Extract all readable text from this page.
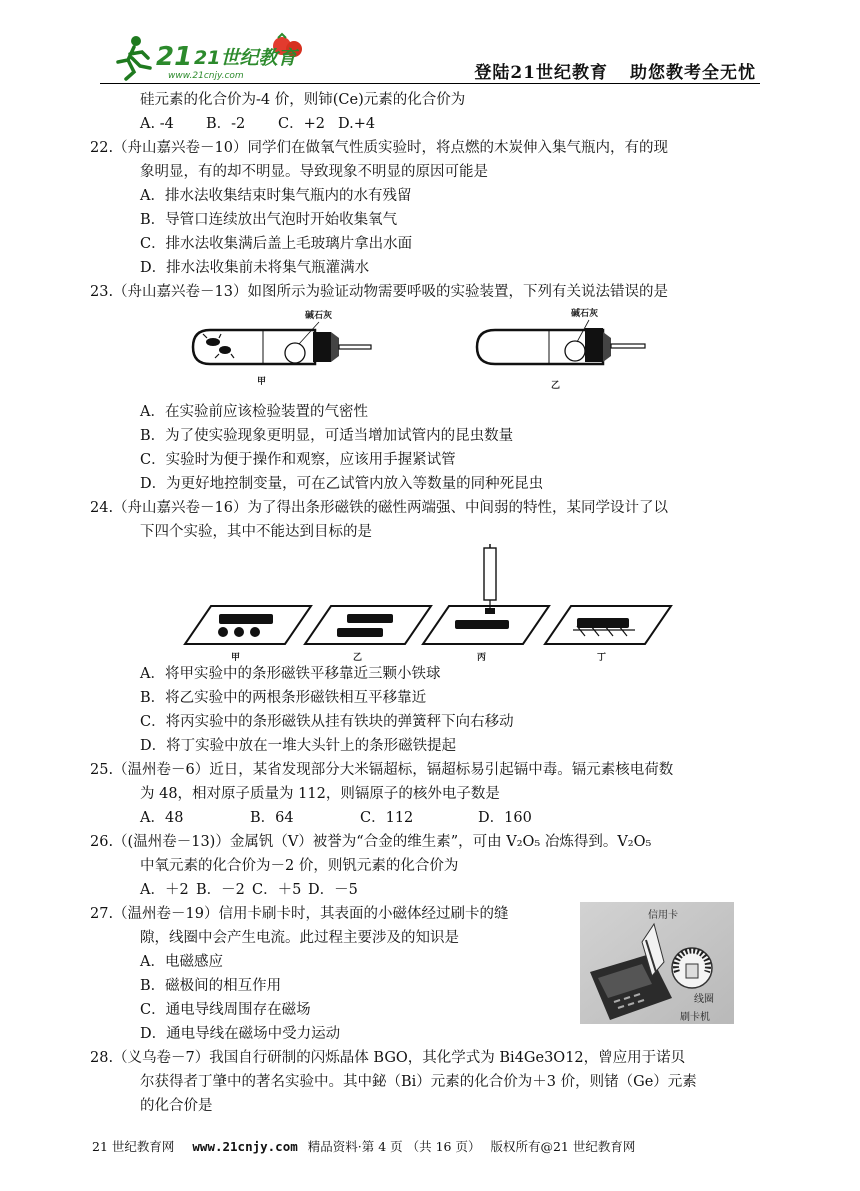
21 21世纪教育
www.21cnjy.com	登陆21世纪教育 助您教考全无忧
硅元素的化合价为-4 价，则铈(Ce)元素的化合价为
A. -4 B．-2 C．+2 D.+4
22.（舟山嘉兴卷－10）同学们在做氧气性质实验时，将点燃的木炭伸入集气瓶内，有的现
象明显，有的却不明显。导致现象不明显的原因可能是
A．排水法收集结束时集气瓶内的水有残留
B．导管口连续放出气泡时开始收集氧气
C．排水法收集满后盖上毛玻璃片拿出水面
D．排水法收集前未将集气瓶灌满水
23.（舟山嘉兴卷－13）如图所示为验证动物需要呼吸的实验装置，下列有关说法错误的是
碱石灰
甲
碱石灰
乙
A．在实验前应该检验装置的气密性
B．为了使实验现象更明显，可适当增加试管内的昆虫数量
C．实验时为便于操作和观察，应该用手握紧试管
D．为更好地控制变量，可在乙试管内放入等数量的同种死昆虫
24.（舟山嘉兴卷－16）为了得出条形磁铁的磁性两端强、中间弱的特性，某同学设计了以
下四个实验，其中不能达到目标的是
甲	乙	丙	丁
A．将甲实验中的条形磁铁平移靠近三颗小铁球
B．将乙实验中的两根条形磁铁相互平移靠近
C．将丙实验中的条形磁铁从挂有铁块的弹簧秤下向右移动
D．将丁实验中放在一堆大头针上的条形磁铁提起
25.（温州卷－6）近日，某省发现部分大米镉超标，镉超标易引起镉中毒。镉元素核电荷数
为 48，相对原子质量为 112，则镉原子的核外电子数是
A．48	B．64	C．112	D．160
26.（(温州卷－13)）金属钒（V）被誉为“合金的维生素”，可由 V₂O₅ 冶炼得到。V₂O₅
中氧元素的化合价为－2 价，则钒元素的化合价为
A．＋2 B．－2 C．＋5 D．－5
27.（温州卷－19）信用卡刷卡时，其表面的小磁体经过刷卡的缝
隙，线圈中会产生电流。此过程主要涉及的知识是
A．电磁感应
B．磁极间的相互作用
C．通电导线周围存在磁场
D．通电导线在磁场中受力运动
信用卡
线圈
刷卡机
28.（义乌卷－7）我国自行研制的闪烁晶体 BGO，其化学式为 Bi4Ge3O12，曾应用于诺贝
尔获得者丁肇中的著名实验中。其中鉍（Bi）元素的化合价为＋3 价，则锗（Ge）元素
的化合价是
21 世纪教育网 www.21cnjy.com 精品资料·第 4 页 （共 16 页） 版权所有@21 世纪教育网
